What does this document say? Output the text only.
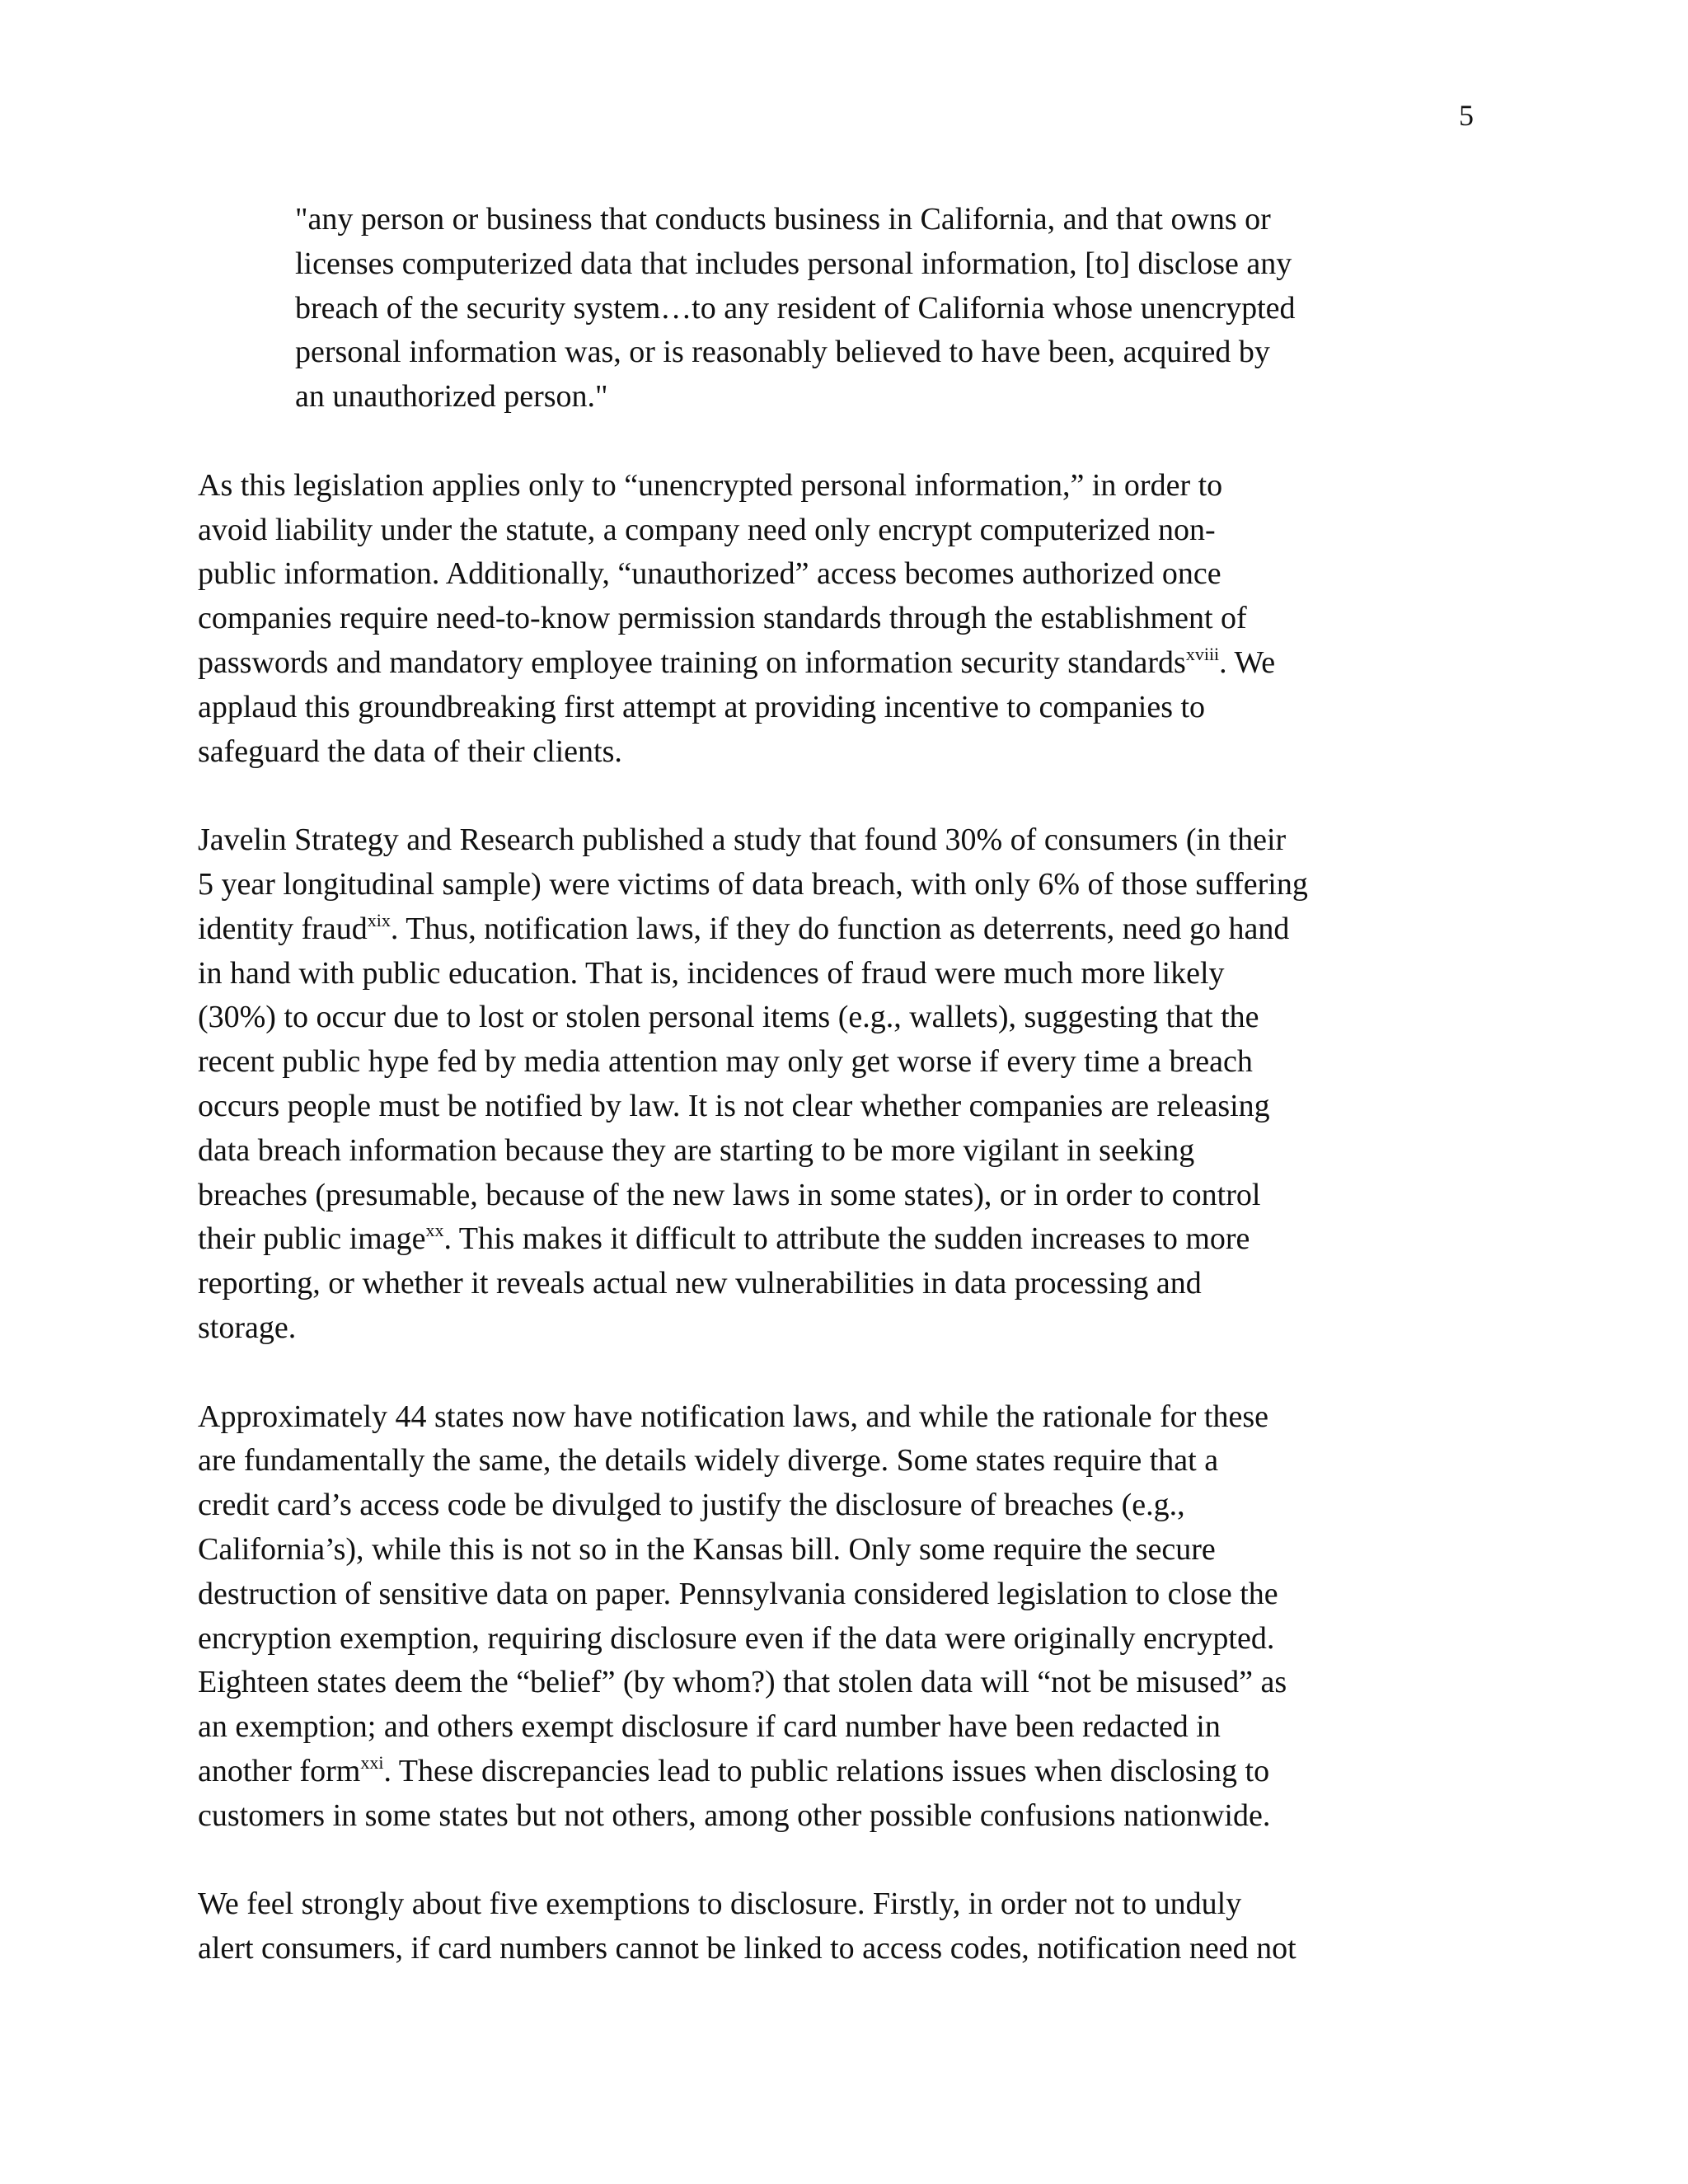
5
"any person or business that conducts business in California, and that owns or
licenses computerized data that includes personal information, [to] disclose any
breach of the security system…to any resident of California whose unencrypted
personal information was, or is reasonably believed to have been, acquired by
an unauthorized person."
As this legislation applies only to “unencrypted personal information,” in order to
avoid liability under the statute, a company need only encrypt computerized non-
public information. Additionally, “unauthorized” access becomes authorized once
companies require need-to-know permission standards through the establishment of
passwords and mandatory employee training on information security standards$^{xviii}$. We
applaud this groundbreaking first attempt at providing incentive to companies to
safeguard the data of their clients.
Javelin Strategy and Research published a study that found 30% of consumers (in their
5 year longitudinal sample) were victims of data breach, with only 6% of those suffering
identity fraud$^{xix}$. Thus, notification laws, if they do function as deterrents, need go hand
in hand with public education. That is, incidences of fraud were much more likely
(30%) to occur due to lost or stolen personal items (e.g., wallets), suggesting that the
recent public hype fed by media attention may only get worse if every time a breach
occurs people must be notified by law. It is not clear whether companies are releasing
data breach information because they are starting to be more vigilant in seeking
breaches (presumable, because of the new laws in some states), or in order to control
their public image$^{xx}$. This makes it difficult to attribute the sudden increases to more
reporting, or whether it reveals actual new vulnerabilities in data processing and
storage.
Approximately 44 states now have notification laws, and while the rationale for these
are fundamentally the same, the details widely diverge. Some states require that a
credit card’s access code be divulged to justify the disclosure of breaches (e.g.,
California’s), while this is not so in the Kansas bill. Only some require the secure
destruction of sensitive data on paper. Pennsylvania considered legislation to close the
encryption exemption, requiring disclosure even if the data were originally encrypted.
Eighteen states deem the “belief” (by whom?) that stolen data will “not be misused” as
an exemption; and others exempt disclosure if card number have been redacted in
another form$^{xxi}$. These discrepancies lead to public relations issues when disclosing to
customers in some states but not others, among other possible confusions nationwide.
We feel strongly about five exemptions to disclosure. Firstly, in order not to unduly
alert consumers, if card numbers cannot be linked to access codes, notification need not
